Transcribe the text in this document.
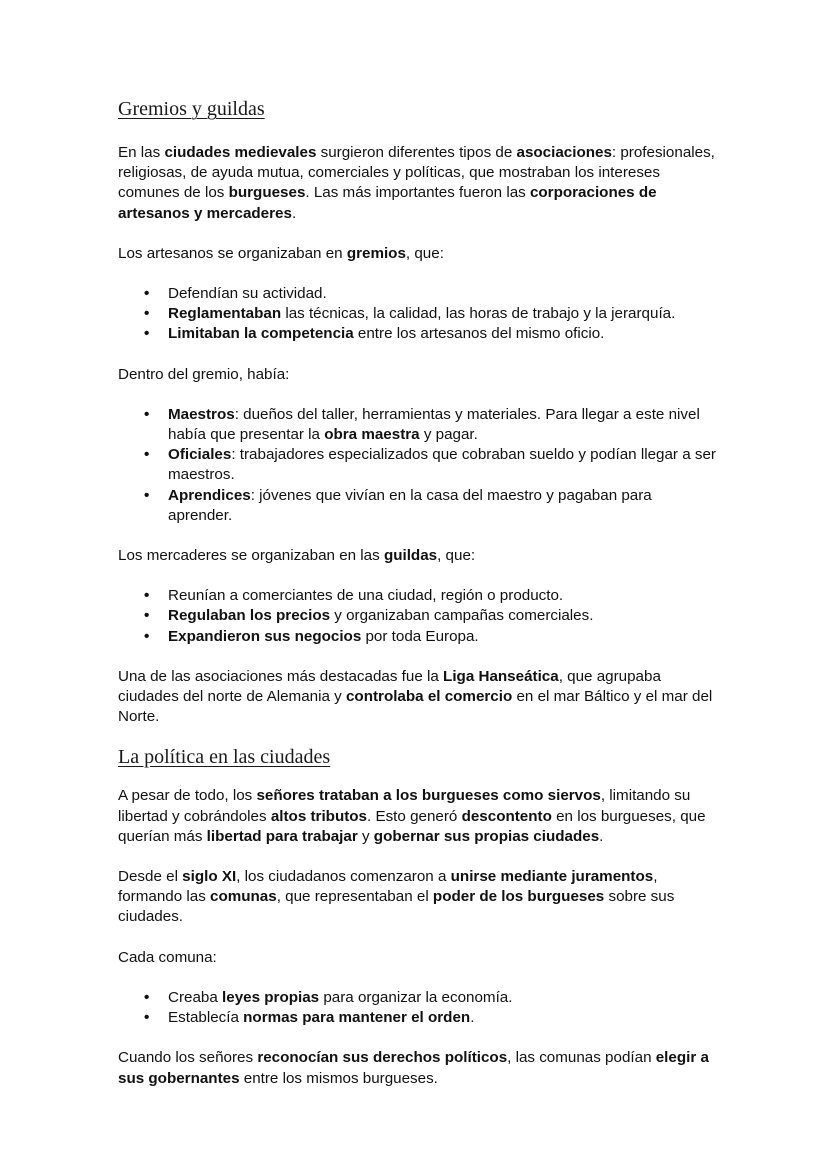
Gremios y guildas

En las ciudades medievales surgieron diferentes tipos de asociaciones: profesionales, religiosas, de ayuda mutua, comerciales y políticas, que mostraban los intereses comunes de los burgueses. Las más importantes fueron las corporaciones de artesanos y mercaderes.

Los artesanos se organizaban en gremios, que:

• Defendían su actividad.
• Reglamentaban las técnicas, la calidad, las horas de trabajo y la jerarquía.
• Limitaban la competencia entre los artesanos del mismo oficio.

Dentro del gremio, había:

• Maestros: dueños del taller, herramientas y materiales. Para llegar a este nivel había que presentar la obra maestra y pagar.
• Oficiales: trabajadores especializados que cobraban sueldo y podían llegar a ser maestros.
• Aprendices: jóvenes que vivían en la casa del maestro y pagaban para aprender.

Los mercaderes se organizaban en las guildas, que:

• Reunían a comerciantes de una ciudad, región o producto.
• Regulaban los precios y organizaban campañas comerciales.
• Expandieron sus negocios por toda Europa.

Una de las asociaciones más destacadas fue la Liga Hanseática, que agrupaba ciudades del norte de Alemania y controlaba el comercio en el mar Báltico y el mar del Norte.

La política en las ciudades

A pesar de todo, los señores trataban a los burgueses como siervos, limitando su libertad y cobrándoles altos tributos. Esto generó descontento en los burgueses, que querían más libertad para trabajar y gobernar sus propias ciudades.

Desde el siglo XI, los ciudadanos comenzaron a unirse mediante juramentos, formando las comunas, que representaban el poder de los burgueses sobre sus ciudades.

Cada comuna:

• Creaba leyes propias para organizar la economía.
• Establecía normas para mantener el orden.

Cuando los señores reconocían sus derechos políticos, las comunas podían elegir a sus gobernantes entre los mismos burgueses.
